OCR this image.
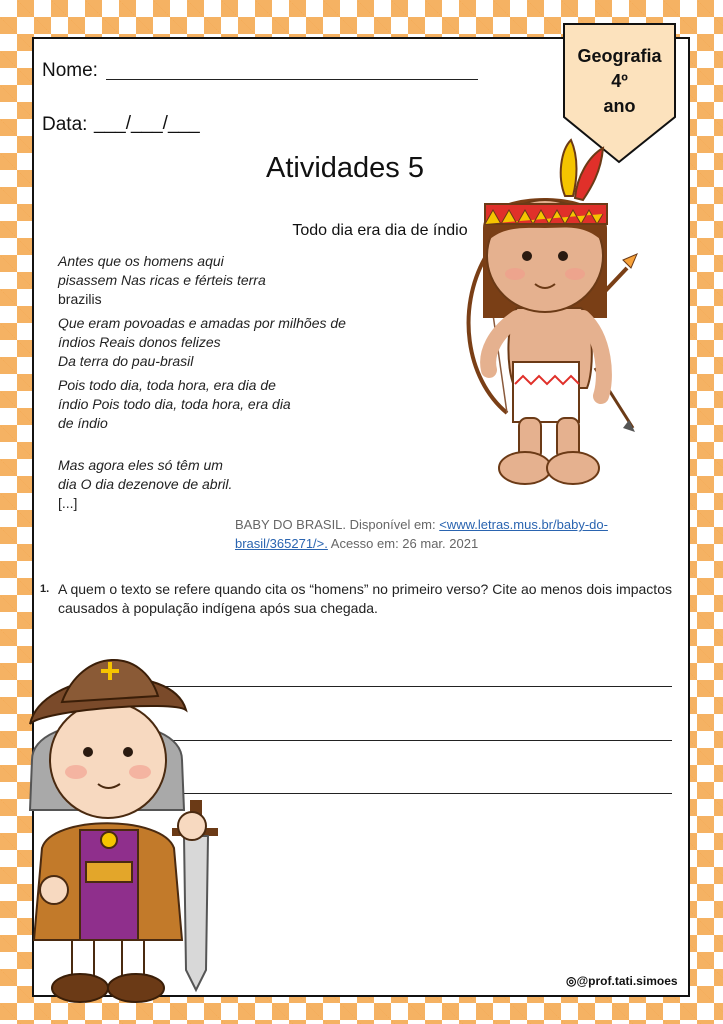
Nome:
Data: ___/___/___
Geografia
4º
ano
Atividades 5
Todo dia era dia de índio
Antes que os homens aqui
pisassem Nas ricas e férteis terra
brazilis
Que eram povoadas e amadas por milhões de
índios Reais donos felizes
Da terra do pau-brasil
Pois todo dia, toda hora, era dia de
índio Pois todo dia, toda hora, era dia
de índio
Mas agora eles só têm um
dia O dia dezenove de abril.
[...]
BABY DO BRASIL. Disponível em: <www.letras.mus.br/baby-do-
brasil/365271/>. Acesso em: 26 mar. 2021
1. A quem o texto se refere quando cita os “homens” no primeiro verso? Cite ao menos dois impactos causados à população indígena após sua chegada.
◎@prof.tati.simoes
